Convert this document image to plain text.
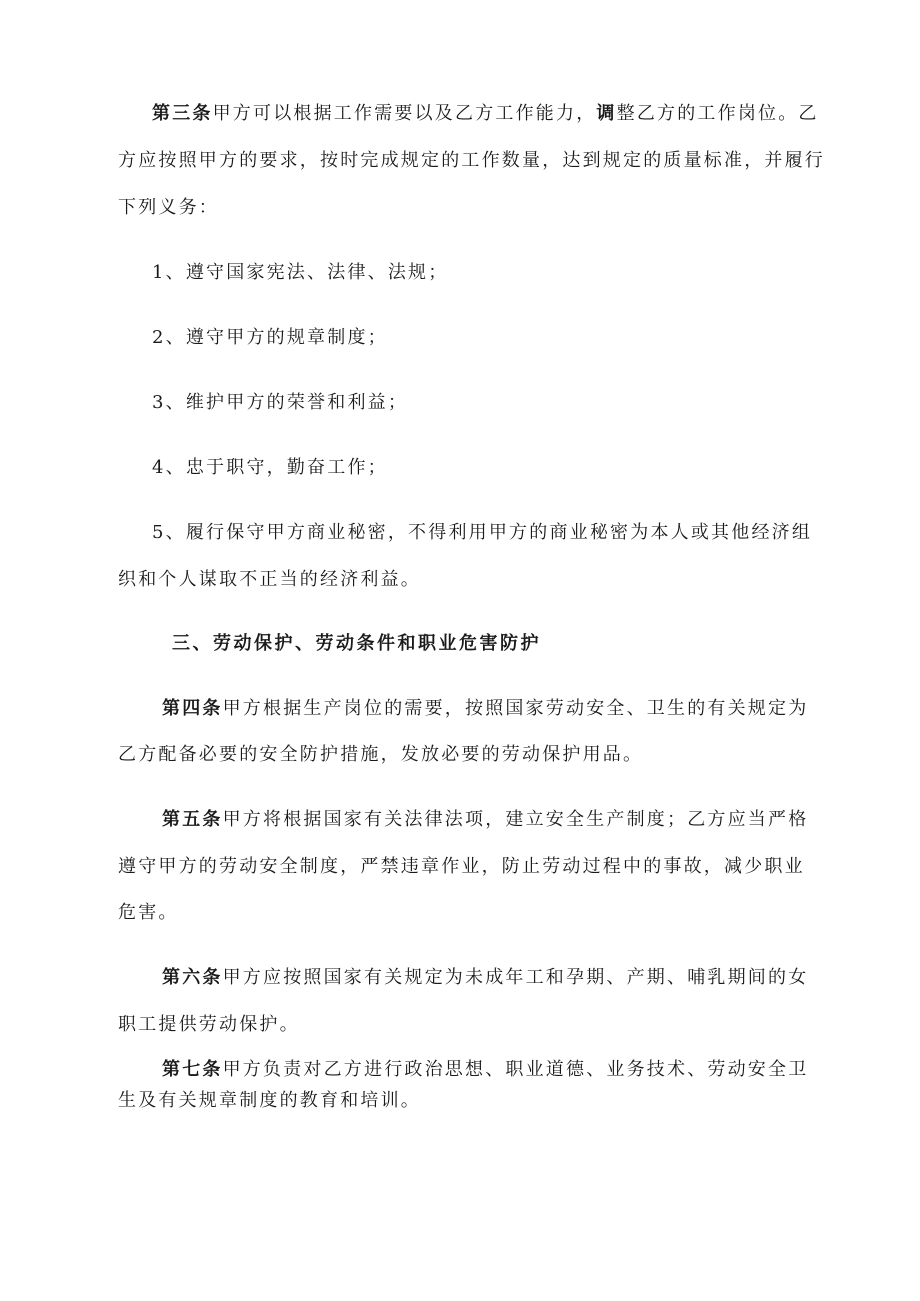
第三条甲方可以根据工作需要以及乙方工作能力，调整乙方的工作岗位。乙
方应按照甲方的要求，按时完成规定的工作数量，达到规定的质量标准，并履行
下列义务：
1、遵守国家宪法、法律、法规；
2、遵守甲方的规章制度；
3、维护甲方的荣誉和利益；
4、忠于职守，勤奋工作；
5、履行保守甲方商业秘密，不得利用甲方的商业秘密为本人或其他经济组
织和个人谋取不正当的经济利益。
三、劳动保护、劳动条件和职业危害防护
第四条甲方根据生产岗位的需要，按照国家劳动安全、卫生的有关规定为
乙方配备必要的安全防护措施，发放必要的劳动保护用品。
第五条甲方将根据国家有关法律法项，建立安全生产制度；乙方应当严格
遵守甲方的劳动安全制度，严禁违章作业，防止劳动过程中的事故，减少职业
危害。
第六条甲方应按照国家有关规定为未成年工和孕期、产期、哺乳期间的女
职工提供劳动保护。
第七条甲方负责对乙方进行政治思想、职业道德、业务技术、劳动安全卫
生及有关规章制度的教育和培训。
